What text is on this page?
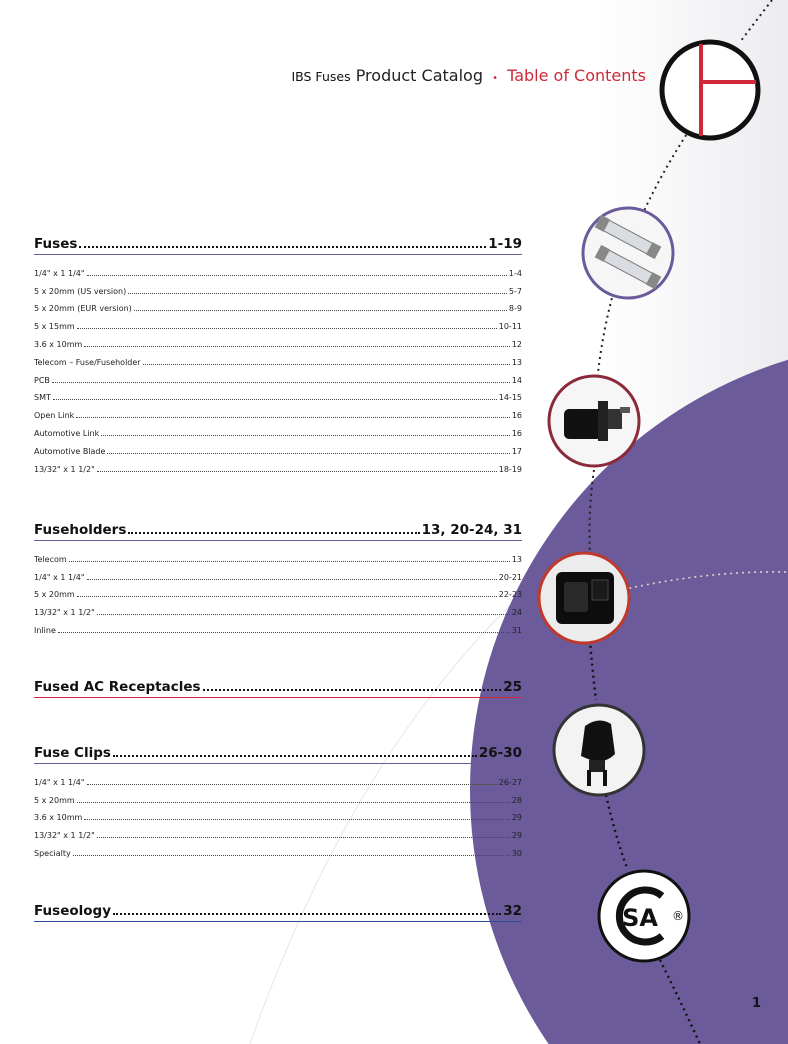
IBS Fuses Product Catalog • Table of Contents
SA ®
Fuses	1-19
1/4" x 1 1/4"	1-4
5 x 20mm (US version)	5-7
5 x 20mm (EUR version)	8-9
5 x 15mm	10-11
3.6 x 10mm	12
Telecom – Fuse/Fuseholder	13
PCB	14
SMT	14-15
Open Link	16
Automotive Link	16
Automotive Blade	17
13/32" x 1 1/2"	18-19
Fuseholders	13, 20-24, 31
Telecom	13
1/4" x 1 1/4"	20-21
5 x 20mm	22-23
13/32" x 1 1/2"	24
Inline	31
Fused AC Receptacles	25
Fuse Clips	26-30
1/4" x 1 1/4"	26-27
5 x 20mm	28
3.6 x 10mm	29
13/32" x 1 1/2"	29
Specialty	30
Fuseology	32
1
